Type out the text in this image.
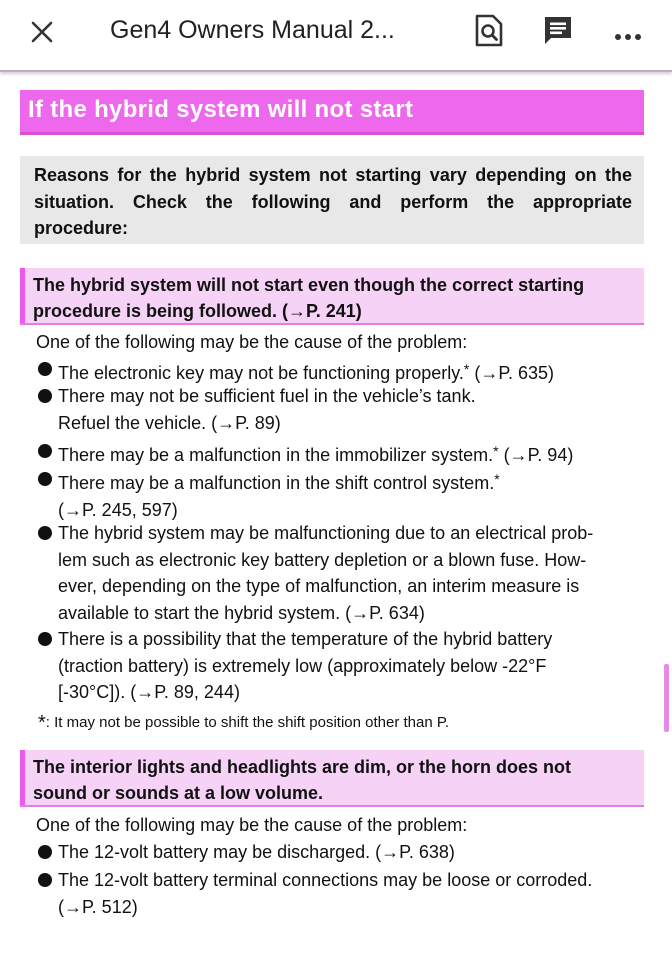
Gen4 Owners Manual 2...
If the hybrid system will not start
Reasons for the hybrid system not starting vary depending on the situation. Check the following and perform the appropriate procedure:
The hybrid system will not start even though the correct starting
procedure is being followed. (→P. 241)
One of the following may be the cause of the problem:
The electronic key may not be functioning properly.* (→P. 635)
There may not be sufficient fuel in the vehicle’s tank.
Refuel the vehicle. (→P. 89)
There may be a malfunction in the immobilizer system.* (→P. 94)
There may be a malfunction in the shift control system.*
(→P. 245, 597)
The hybrid system may be malfunctioning due to an electrical prob-
lem such as electronic key battery depletion or a blown fuse. How-
ever, depending on the type of malfunction, an interim measure is
available to start the hybrid system. (→P. 634)
There is a possibility that the temperature of the hybrid battery
(traction battery) is extremely low (approximately below -22°F
[-30°C]). (→P. 89, 244)
*: It may not be possible to shift the shift position other than P.
The interior lights and headlights are dim, or the horn does not
sound or sounds at a low volume.
One of the following may be the cause of the problem:
The 12-volt battery may be discharged. (→P. 638)
The 12-volt battery terminal connections may be loose or corroded.
(→P. 512)
